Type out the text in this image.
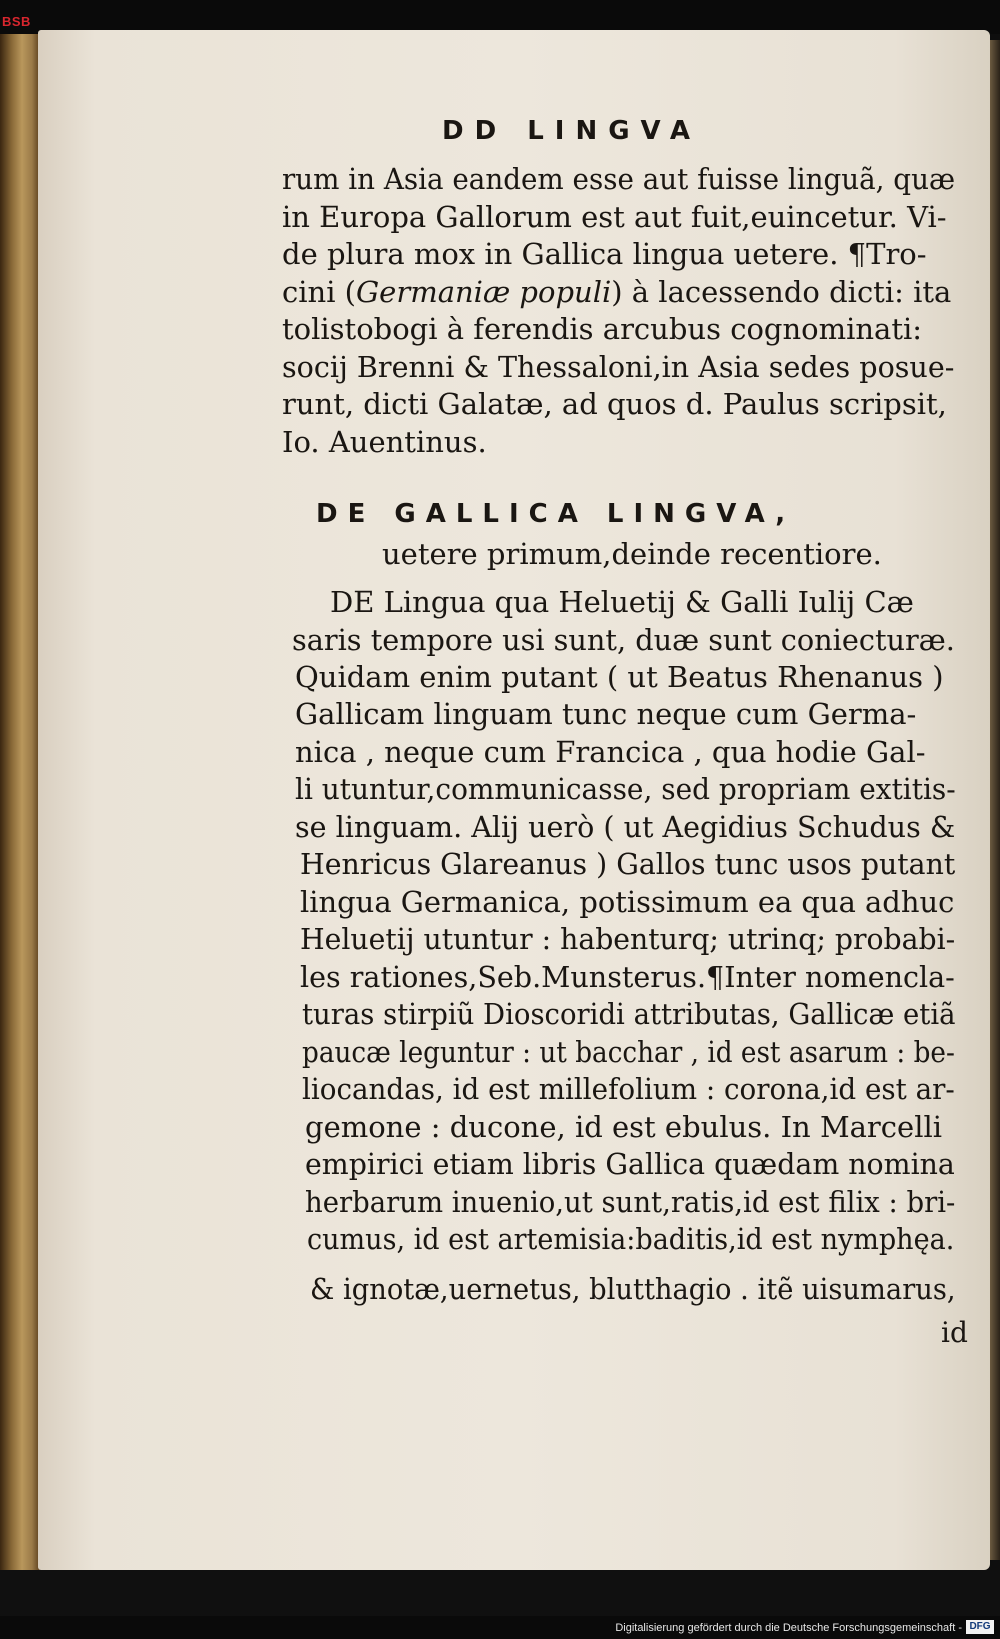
BSB
Digitalisierung gefördert durch die Deutsche Forschungsgemeinschaft - DFG
DD LINGVA
rum in Asia eandem esse aut fuisse linguã, quæ
in Europa Gallorum est aut fuit,euincetur. Vi-
de plura mox in Gallica lingua uetere. ¶Tro-
cini (Germaniæ populi) à lacessendo dicti: ita
tolistobogi à ferendis arcubus cognominati:
socij Brenni & Thessaloni,in Asia sedes posue-
runt, dicti Galatæ, ad quos d. Paulus scripsit,
Io. Auentinus.
DE GALLICA LINGVA,
uetere primum,deinde recentiore.
DE Lingua qua Heluetij & Galli Iulij Cæ
saris tempore usi sunt, duæ sunt coniecturæ.
Quidam enim putant ( ut Beatus Rhenanus )
Gallicam linguam tunc neque cum Germa-
nica , neque cum Francica , qua hodie Gal-
li utuntur,communicasse, sed propriam extitis-
se linguam. Alij uerò ( ut Aegidius Schudus &
Henricus Glareanus ) Gallos tunc usos putant
lingua Germanica, potissimum ea qua adhuc
Heluetij utuntur : habenturq; utrinq; probabi-
les rationes,Seb.Munsterus.¶Inter nomencla-
turas stirpiũ Dioscoridi attributas, Gallicæ etiã
paucæ leguntur : ut bacchar , id est asarum : be-
liocandas, id est millefolium : corona,id est ar-
gemone : ducone, id est ebulus. In Marcelli
empirici etiam libris Gallica quædam nomina
herbarum inuenio,ut sunt,ratis,id est filix : bri-
cumus, id est artemisia:baditis,id est nymphęa.
& ignotæ,uernetus, blutthagio . itẽ uisumarus,
id
